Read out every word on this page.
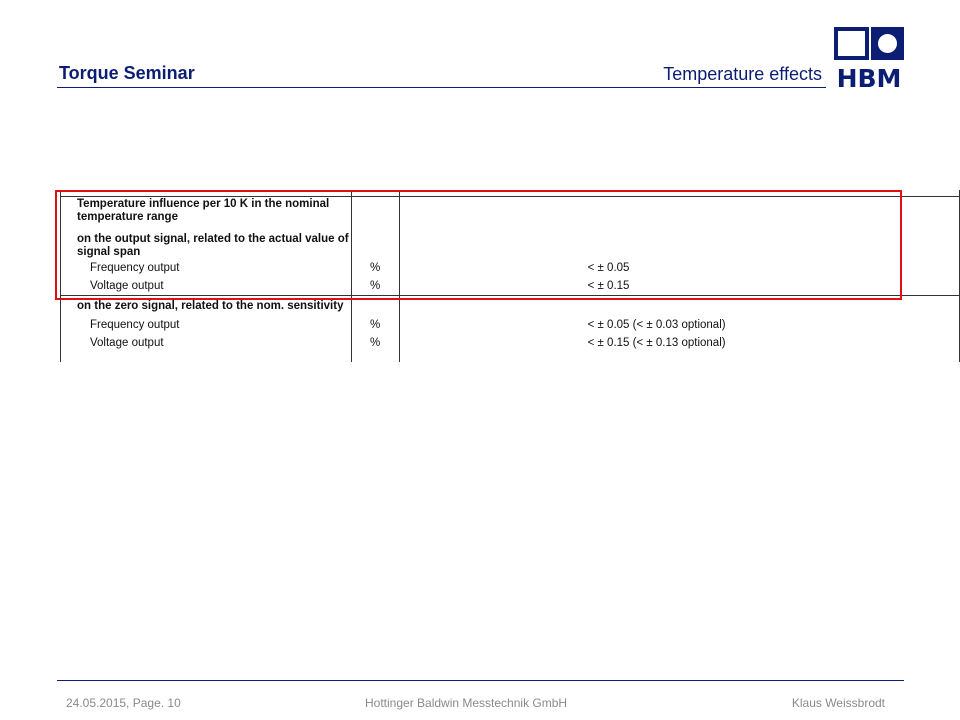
Torque Seminar	Temperature effects HBM

Temperature influence per 10 K in the nominal temperature range		
on the output signal, related to the actual value of signal span		
Frequency output	%	< ± 0.05
Voltage output	%	< ± 0.15
on the zero signal, related to the nom. sensitivity		
Frequency output	%	< ± 0.05 (< ± 0.03 optional)
Voltage output	%	< ± 0.15 (< ± 0.13 optional)

24.05.2015, Page. 10	Hottinger Baldwin Messtechnik GmbH	Klaus Weissbrodt
